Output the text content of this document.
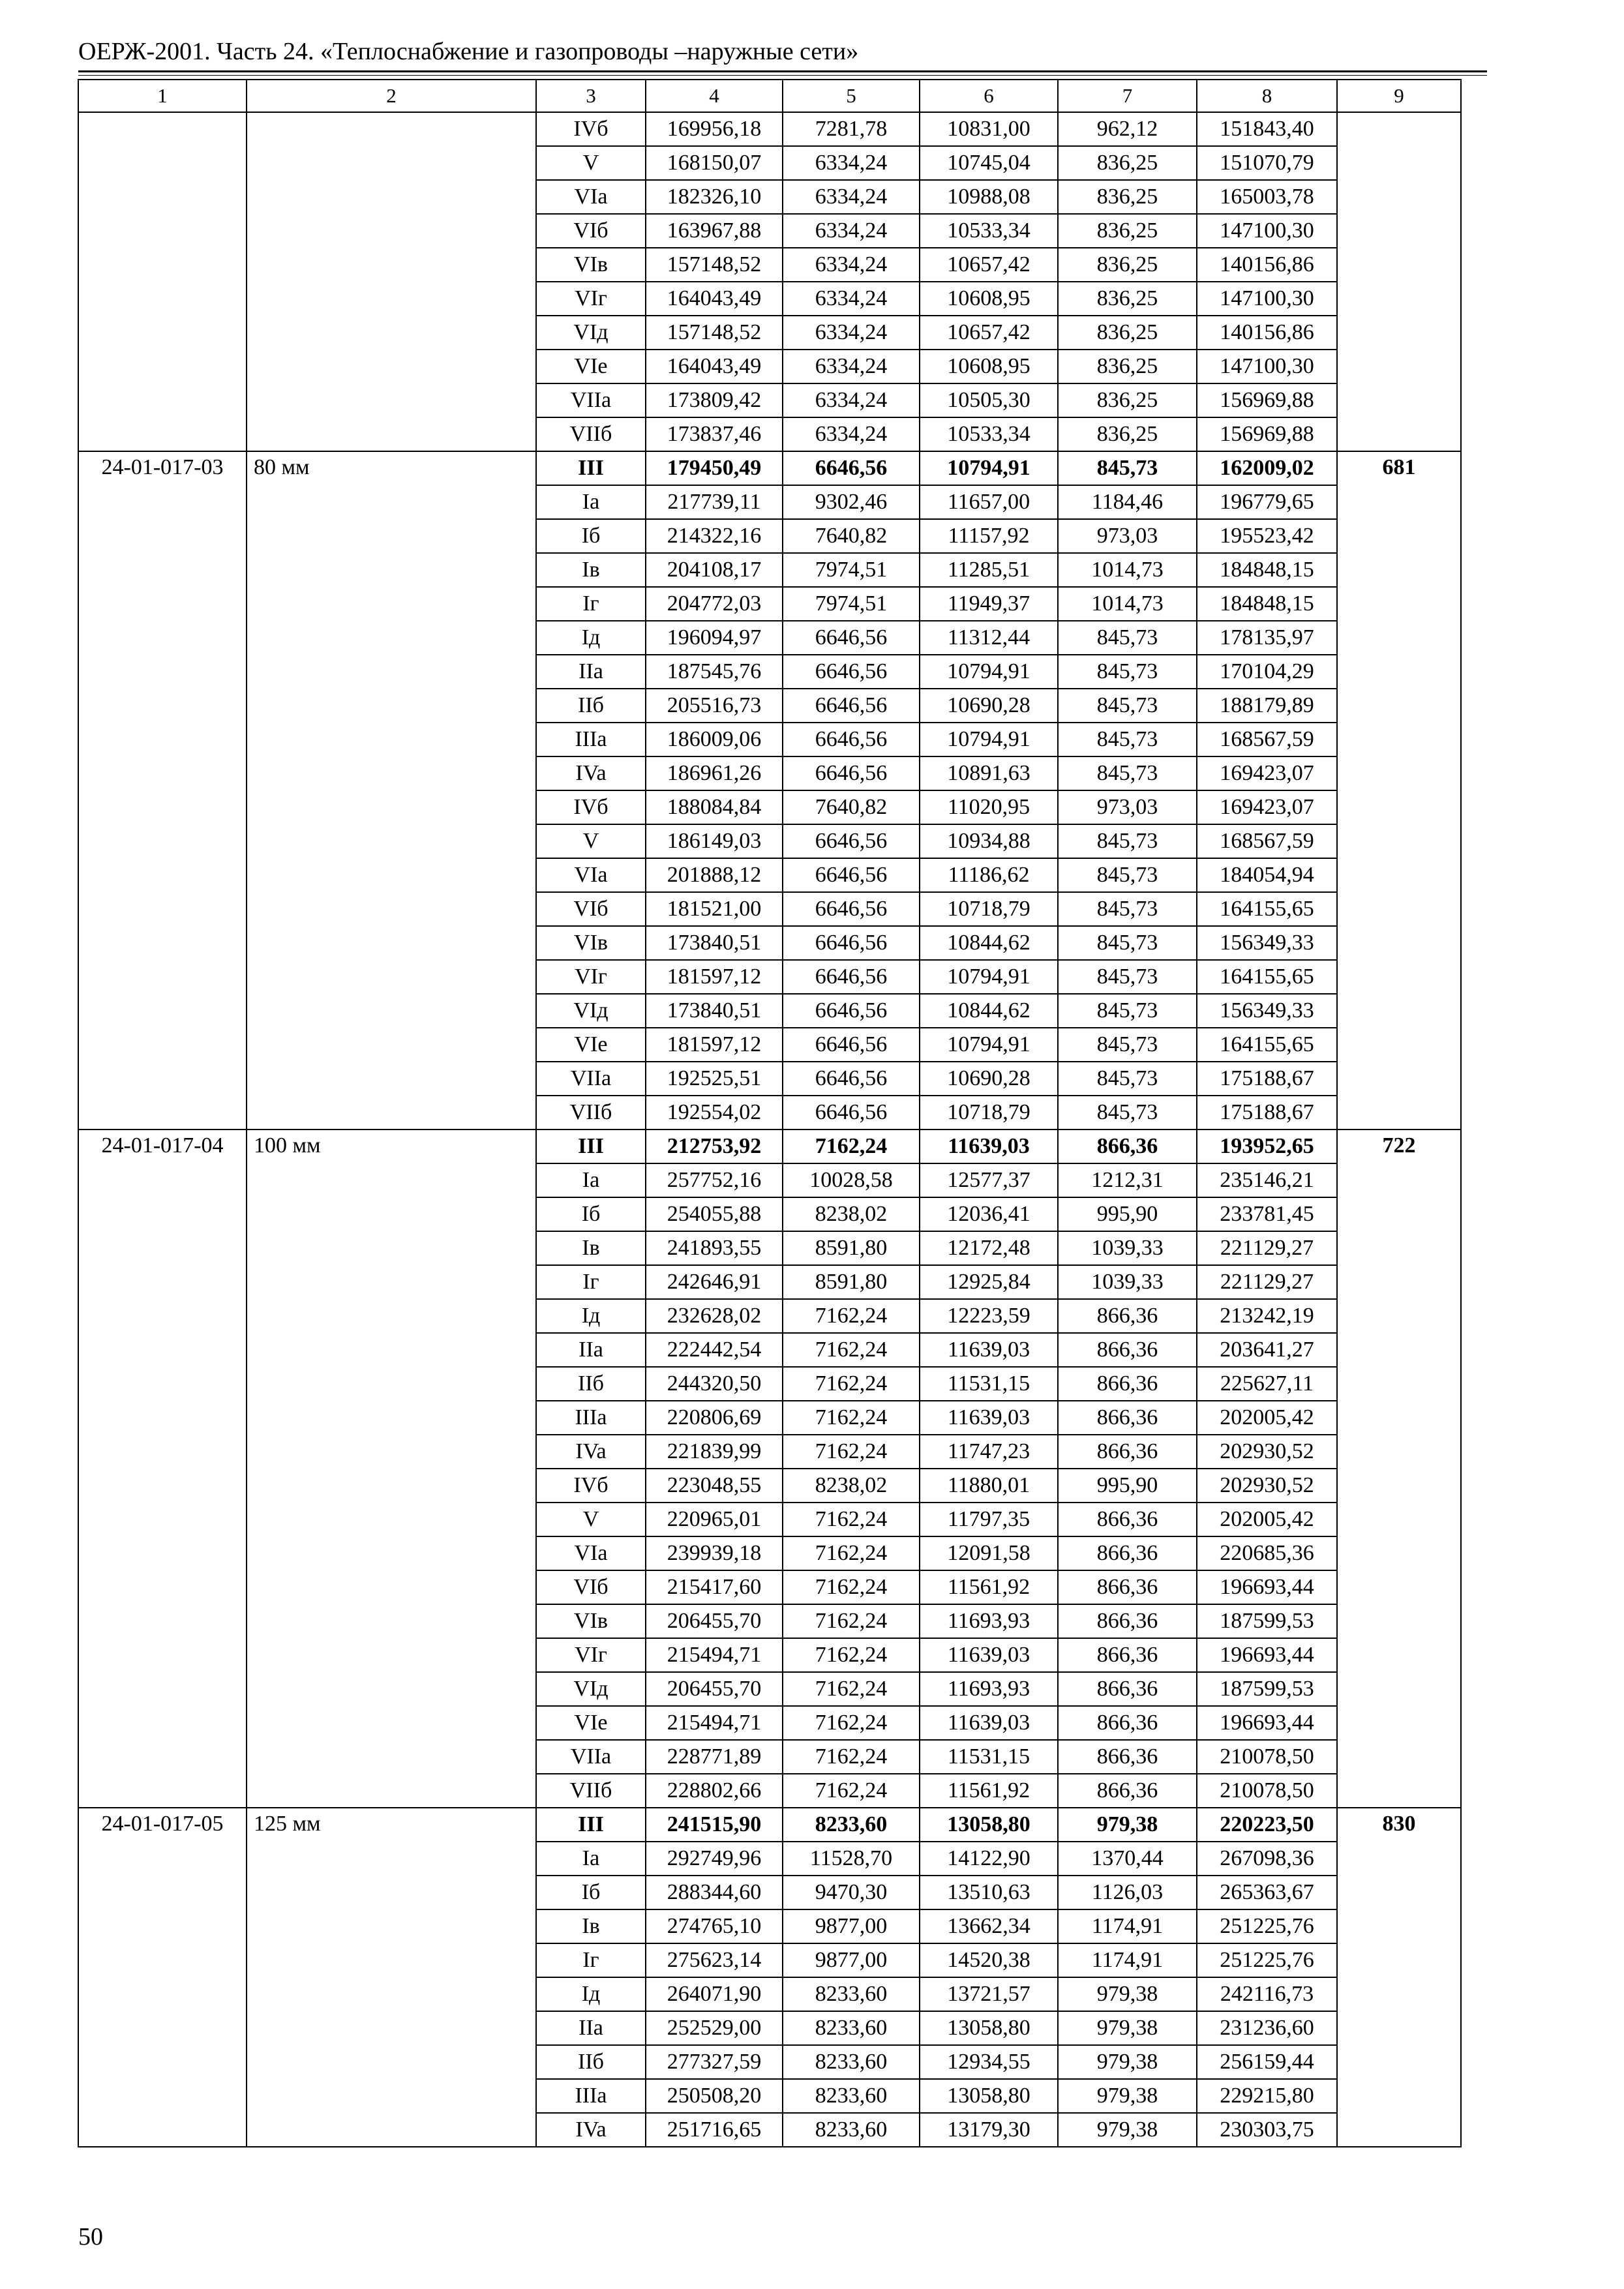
ОЕРЖ-2001. Часть 24. «Теплоснабжение и газопроводы –наружные сети»
1	2	3	4	5	6	7	8	9
		IVб	169956,18	7281,78	10831,00	962,12	151843,40	
		V	168150,07	6334,24	10745,04	836,25	151070,79	
		VIa	182326,10	6334,24	10988,08	836,25	165003,78	
		VIб	163967,88	6334,24	10533,34	836,25	147100,30	
		VIв	157148,52	6334,24	10657,42	836,25	140156,86	
		VIг	164043,49	6334,24	10608,95	836,25	147100,30	
		VIд	157148,52	6334,24	10657,42	836,25	140156,86	
		VIе	164043,49	6334,24	10608,95	836,25	147100,30	
		VIIa	173809,42	6334,24	10505,30	836,25	156969,88	
		VIIб	173837,46	6334,24	10533,34	836,25	156969,88	
24-01-017-03	80 мм	III	179450,49	6646,56	10794,91	845,73	162009,02	681
		Ia	217739,11	9302,46	11657,00	1184,46	196779,65	
		Iб	214322,16	7640,82	11157,92	973,03	195523,42	
		Iв	204108,17	7974,51	11285,51	1014,73	184848,15	
		Iг	204772,03	7974,51	11949,37	1014,73	184848,15	
		Iд	196094,97	6646,56	11312,44	845,73	178135,97	
		IIa	187545,76	6646,56	10794,91	845,73	170104,29	
		IIб	205516,73	6646,56	10690,28	845,73	188179,89	
		IIIa	186009,06	6646,56	10794,91	845,73	168567,59	
		IVa	186961,26	6646,56	10891,63	845,73	169423,07	
		IVб	188084,84	7640,82	11020,95	973,03	169423,07	
		V	186149,03	6646,56	10934,88	845,73	168567,59	
		VIa	201888,12	6646,56	11186,62	845,73	184054,94	
		VIб	181521,00	6646,56	10718,79	845,73	164155,65	
		VIв	173840,51	6646,56	10844,62	845,73	156349,33	
		VIг	181597,12	6646,56	10794,91	845,73	164155,65	
		VIд	173840,51	6646,56	10844,62	845,73	156349,33	
		VIе	181597,12	6646,56	10794,91	845,73	164155,65	
		VIIa	192525,51	6646,56	10690,28	845,73	175188,67	
		VIIб	192554,02	6646,56	10718,79	845,73	175188,67	
24-01-017-04	100 мм	III	212753,92	7162,24	11639,03	866,36	193952,65	722
		Ia	257752,16	10028,58	12577,37	1212,31	235146,21	
		Iб	254055,88	8238,02	12036,41	995,90	233781,45	
		Iв	241893,55	8591,80	12172,48	1039,33	221129,27	
		Iг	242646,91	8591,80	12925,84	1039,33	221129,27	
		Iд	232628,02	7162,24	12223,59	866,36	213242,19	
		IIa	222442,54	7162,24	11639,03	866,36	203641,27	
		IIб	244320,50	7162,24	11531,15	866,36	225627,11	
		IIIa	220806,69	7162,24	11639,03	866,36	202005,42	
		IVa	221839,99	7162,24	11747,23	866,36	202930,52	
		IVб	223048,55	8238,02	11880,01	995,90	202930,52	
		V	220965,01	7162,24	11797,35	866,36	202005,42	
		VIa	239939,18	7162,24	12091,58	866,36	220685,36	
		VIб	215417,60	7162,24	11561,92	866,36	196693,44	
		VIв	206455,70	7162,24	11693,93	866,36	187599,53	
		VIг	215494,71	7162,24	11639,03	866,36	196693,44	
		VIд	206455,70	7162,24	11693,93	866,36	187599,53	
		VIе	215494,71	7162,24	11639,03	866,36	196693,44	
		VIIa	228771,89	7162,24	11531,15	866,36	210078,50	
		VIIб	228802,66	7162,24	11561,92	866,36	210078,50	
24-01-017-05	125 мм	III	241515,90	8233,60	13058,80	979,38	220223,50	830
		Ia	292749,96	11528,70	14122,90	1370,44	267098,36	
		Iб	288344,60	9470,30	13510,63	1126,03	265363,67	
		Iв	274765,10	9877,00	13662,34	1174,91	251225,76	
		Iг	275623,14	9877,00	14520,38	1174,91	251225,76	
		Iд	264071,90	8233,60	13721,57	979,38	242116,73	
		IIa	252529,00	8233,60	13058,80	979,38	231236,60	
		IIб	277327,59	8233,60	12934,55	979,38	256159,44	
		IIIa	250508,20	8233,60	13058,80	979,38	229215,80	
		IVa	251716,65	8233,60	13179,30	979,38	230303,75	
50
